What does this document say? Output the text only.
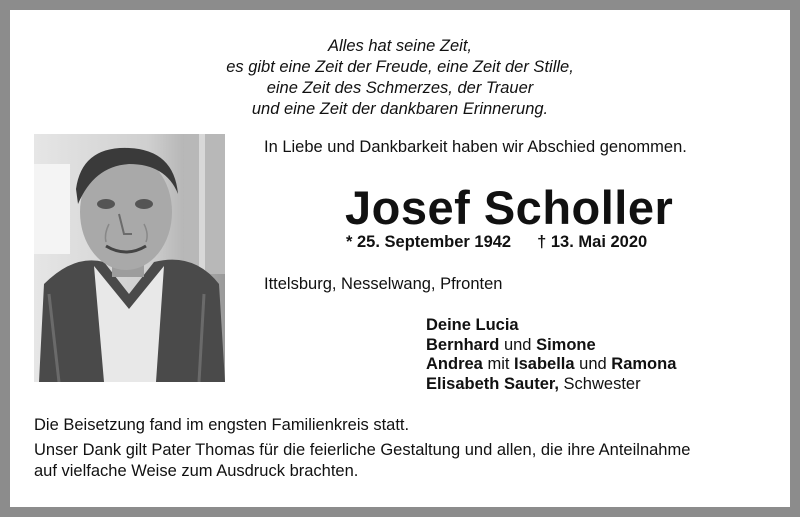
Alles hat seine Zeit,
es gibt eine Zeit der Freude, eine Zeit der Stille,
eine Zeit des Schmerzes, der Trauer
und eine Zeit der dankbaren Erinnerung.
In Liebe und Dankbarkeit haben wir Abschied genommen.
Josef Scholler
* 25. September 1942 † 13. Mai 2020
Ittelsburg, Nesselwang, Pfronten
Deine Lucia
Bernhard und Simone
Andrea mit Isabella und Ramona
Elisabeth Sauter, Schwester
Die Beisetzung fand im engsten Familienkreis statt.
Unser Dank gilt Pater Thomas für die feierliche Gestaltung und allen, die ihre Anteilnahme
auf vielfache Weise zum Ausdruck brachten.
